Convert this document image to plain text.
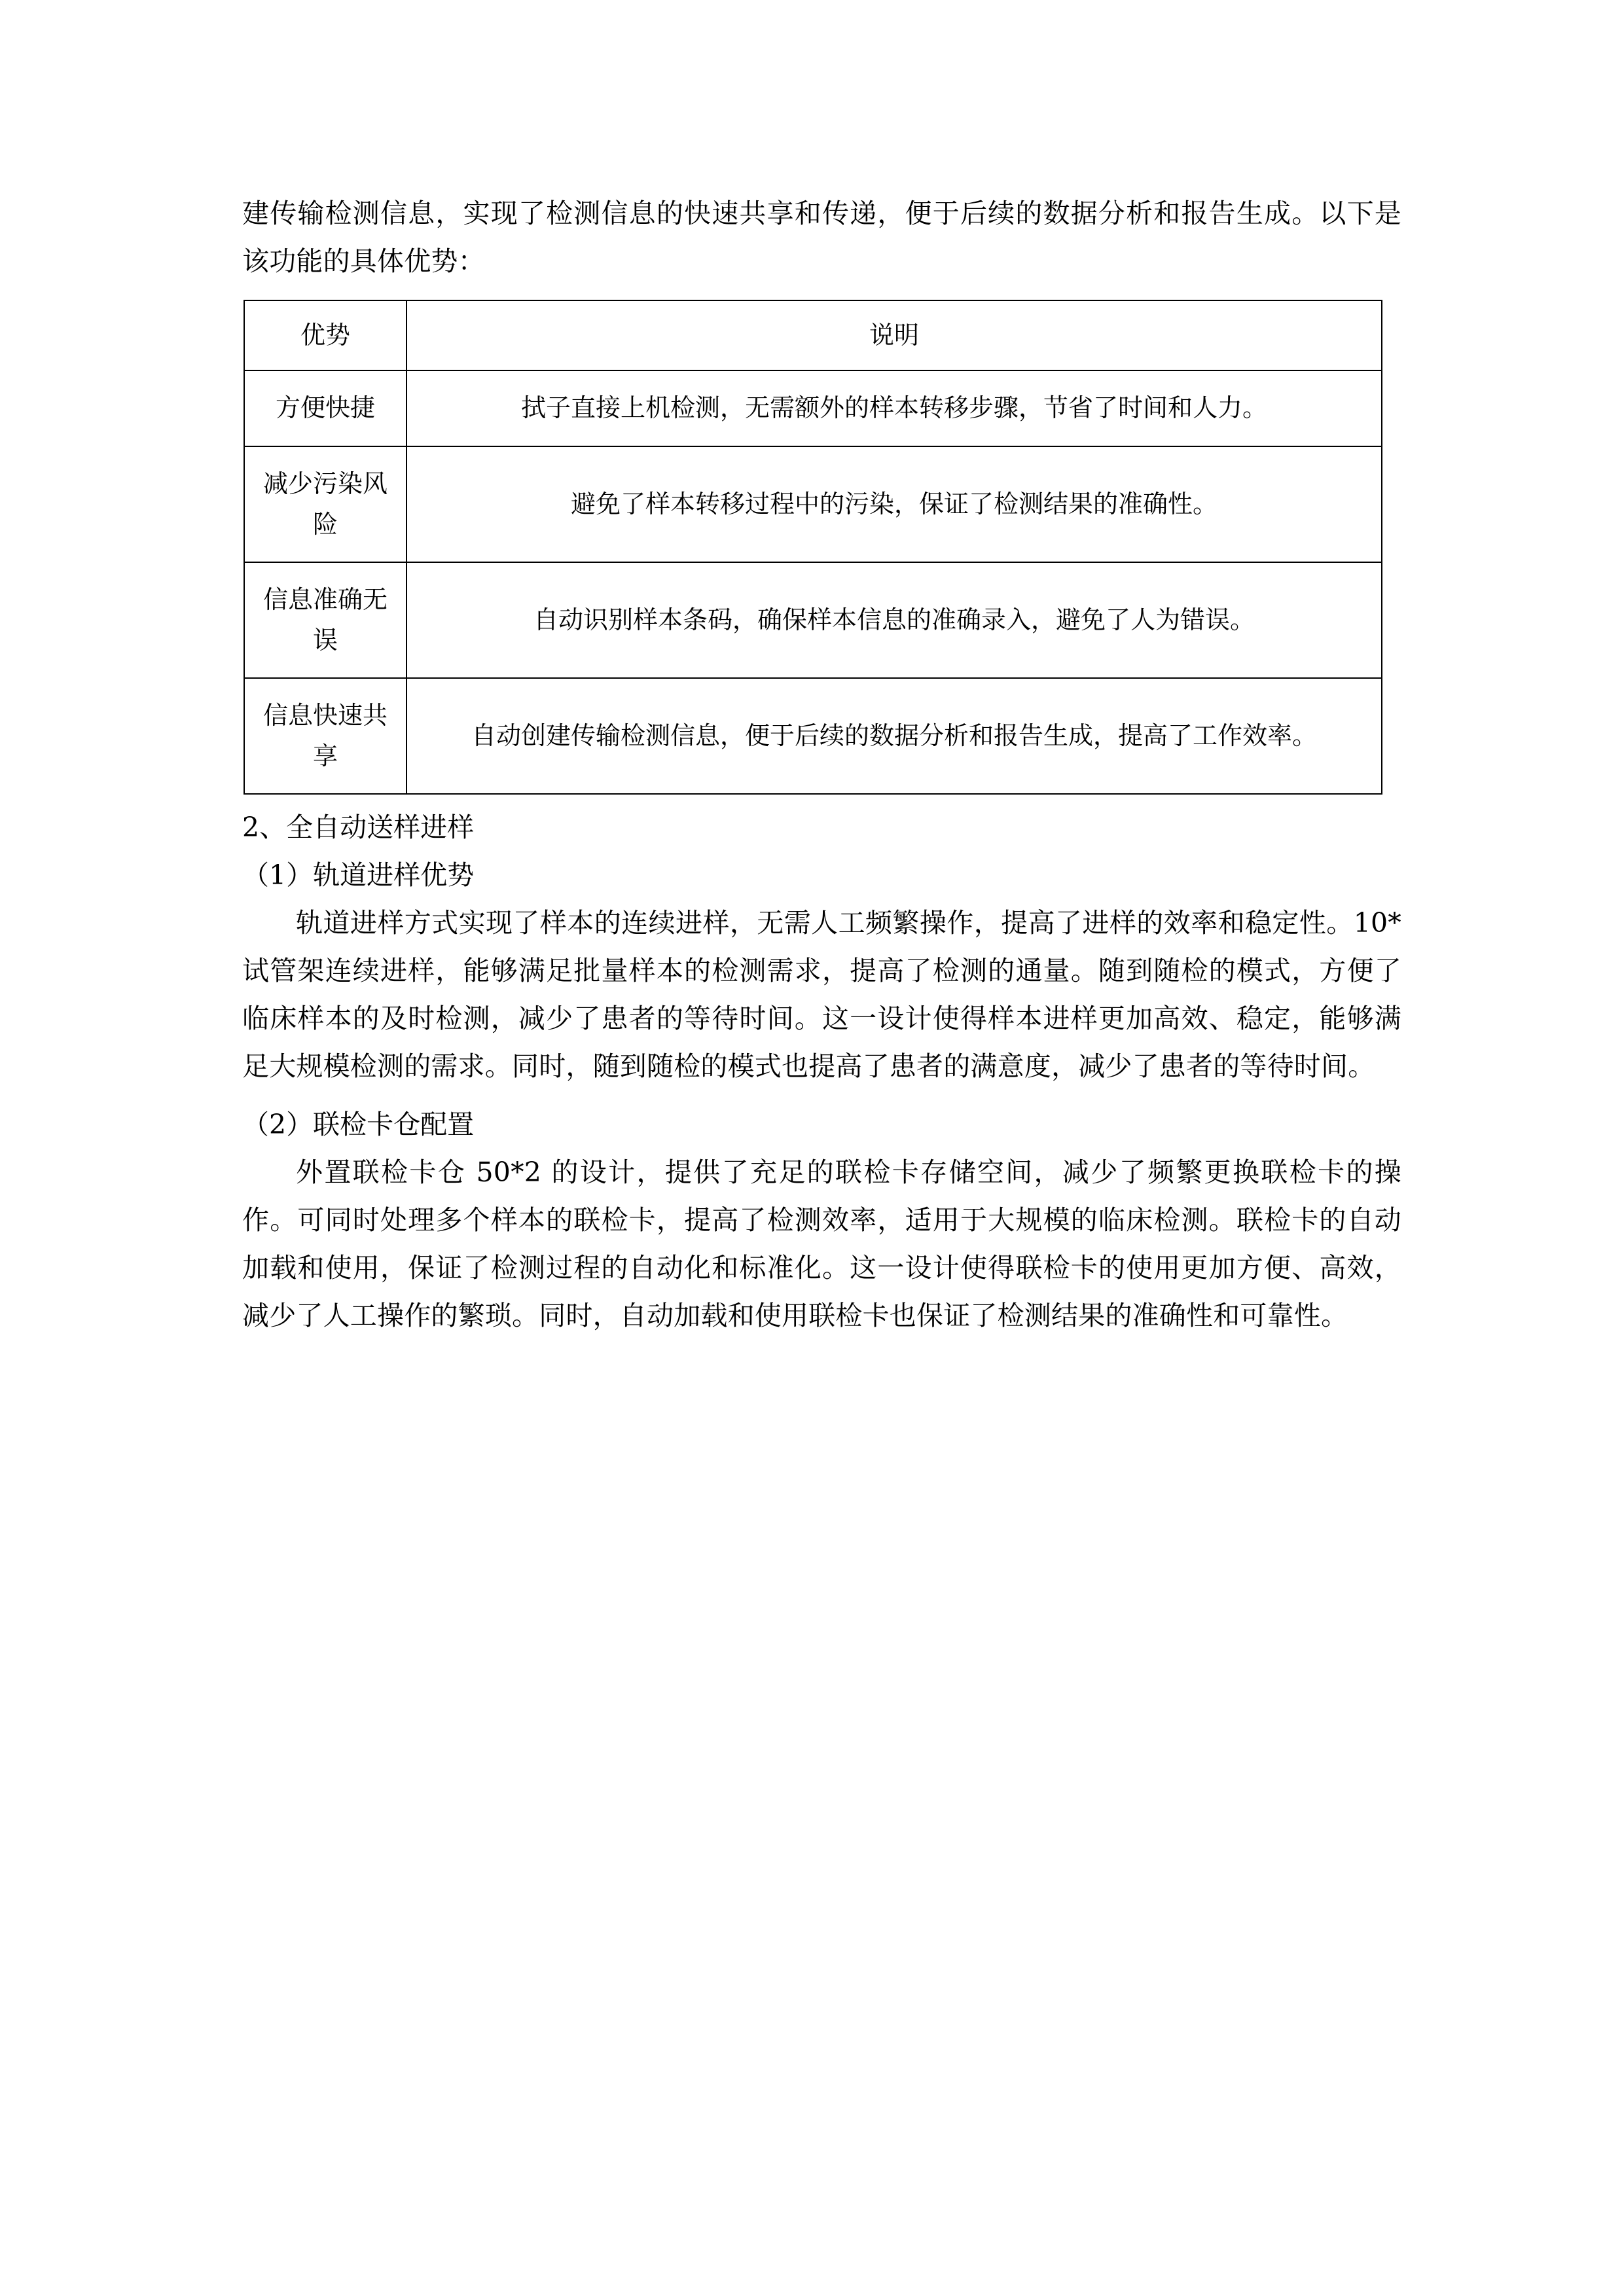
建传输检测信息，实现了检测信息的快速共享和传递，便于后续的数据分析和报告生成。以下是该功能的具体优势：

优势	说明
方便快捷	拭子直接上机检测，无需额外的样本转移步骤，节省了时间和人力。
减少污染风险	避免了样本转移过程中的污染，保证了检测结果的准确性。
信息准确无误	自动识别样本条码，确保样本信息的准确录入，避免了人为错误。
信息快速共享	自动创建传输检测信息，便于后续的数据分析和报告生成，提高了工作效率。

2、全自动送样进样

（1）轨道进样优势

轨道进样方式实现了样本的连续进样，无需人工频繁操作，提高了进样的效率和稳定性。10*试管架连续进样，能够满足批量样本的检测需求，提高了检测的通量。随到随检的模式，方便了临床样本的及时检测，减少了患者的等待时间。这一设计使得样本进样更加高效、稳定，能够满足大规模检测的需求。同时，随到随检的模式也提高了患者的满意度，减少了患者的等待时间。

（2）联检卡仓配置

外置联检卡仓 50*2 的设计，提供了充足的联检卡存储空间，减少了频繁更换联检卡的操作。可同时处理多个样本的联检卡，提高了检测效率，适用于大规模的临床检测。联检卡的自动加载和使用，保证了检测过程的自动化和标准化。这一设计使得联检卡的使用更加方便、高效，减少了人工操作的繁琐。同时，自动加载和使用联检卡也保证了检测结果的准确性和可靠性。
